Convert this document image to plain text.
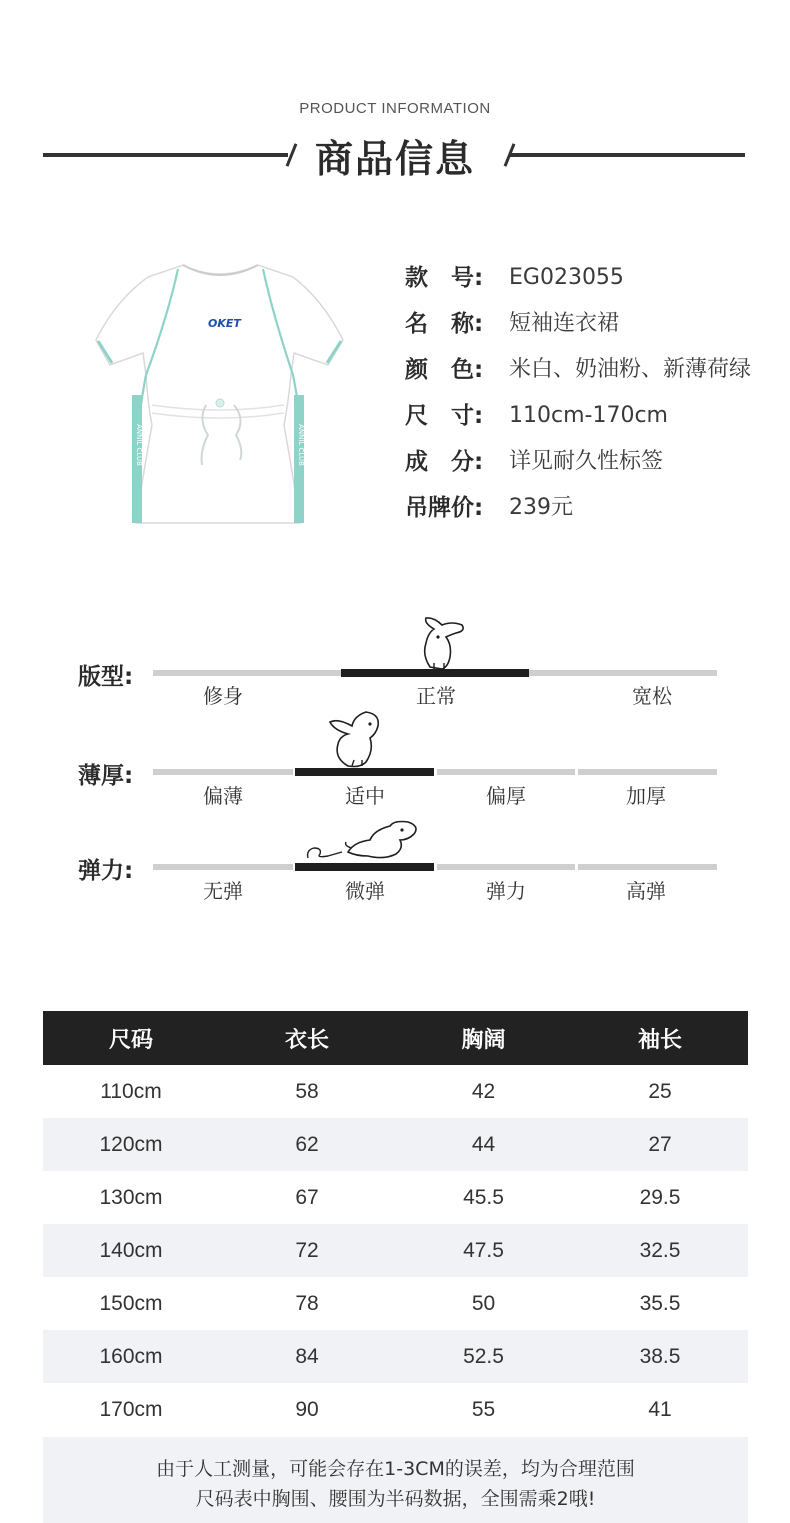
PRODUCT INFORMATION
商品信息
ANNIL CLUB	ANNIL CLUB
OKET
款　号:	EG023055
名　称:	短袖连衣裙
颜　色:	米白、奶油粉、新薄荷绿
尺　寸:	110cm-170cm
成　分:	详见耐久性标签
吊牌价:	239元
版型:
修身	正常	宽松
薄厚:
偏薄	适中	偏厚	加厚
弹力:
无弹	微弹	弹力	高弹
尺码	衣长	胸阔	袖长
110cm	58	42	25
120cm	62	44	27
130cm	67	45.5	29.5
140cm	72	47.5	32.5
150cm	78	50	35.5
160cm	84	52.5	38.5
170cm	90	55	41
由于人工测量，可能会存在1-3CM的误差，均为合理范围
尺码表中胸围、腰围为半码数据，全围需乘2哦!
